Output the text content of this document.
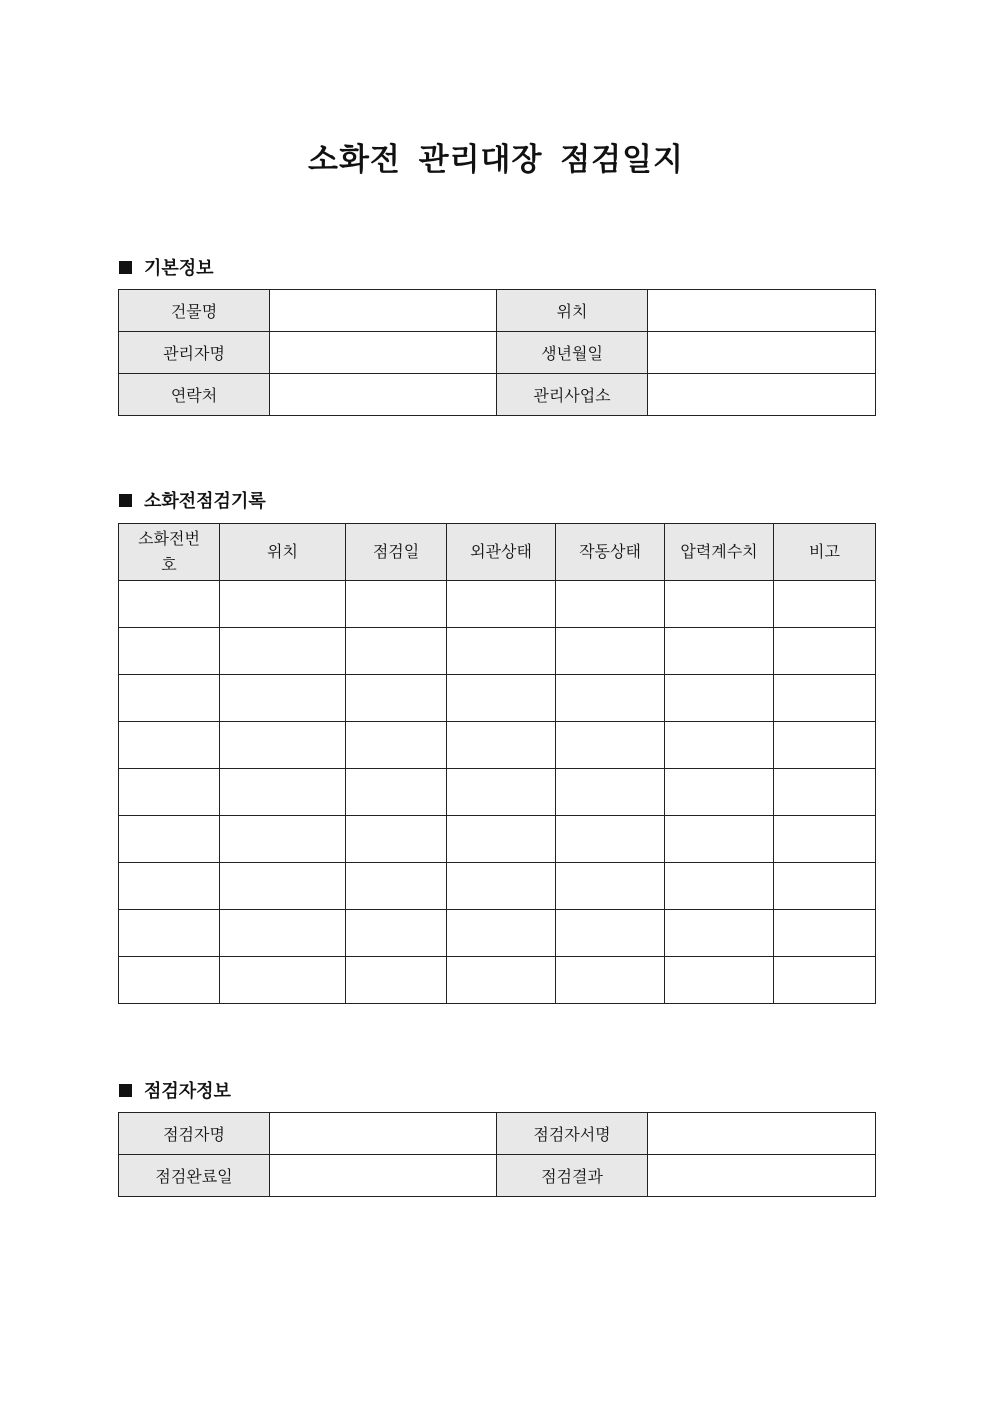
소화전 관리대장 점검일지
기본정보
건물명		위치	
관리자명		생년월일	
연락처		관리사업소	
소화전점검기록
소화전번호	위치	점검일	외관상태	작동상태	압력계수치	비고

점검자정보
점검자명		점검자서명	
점검완료일		점검결과	
